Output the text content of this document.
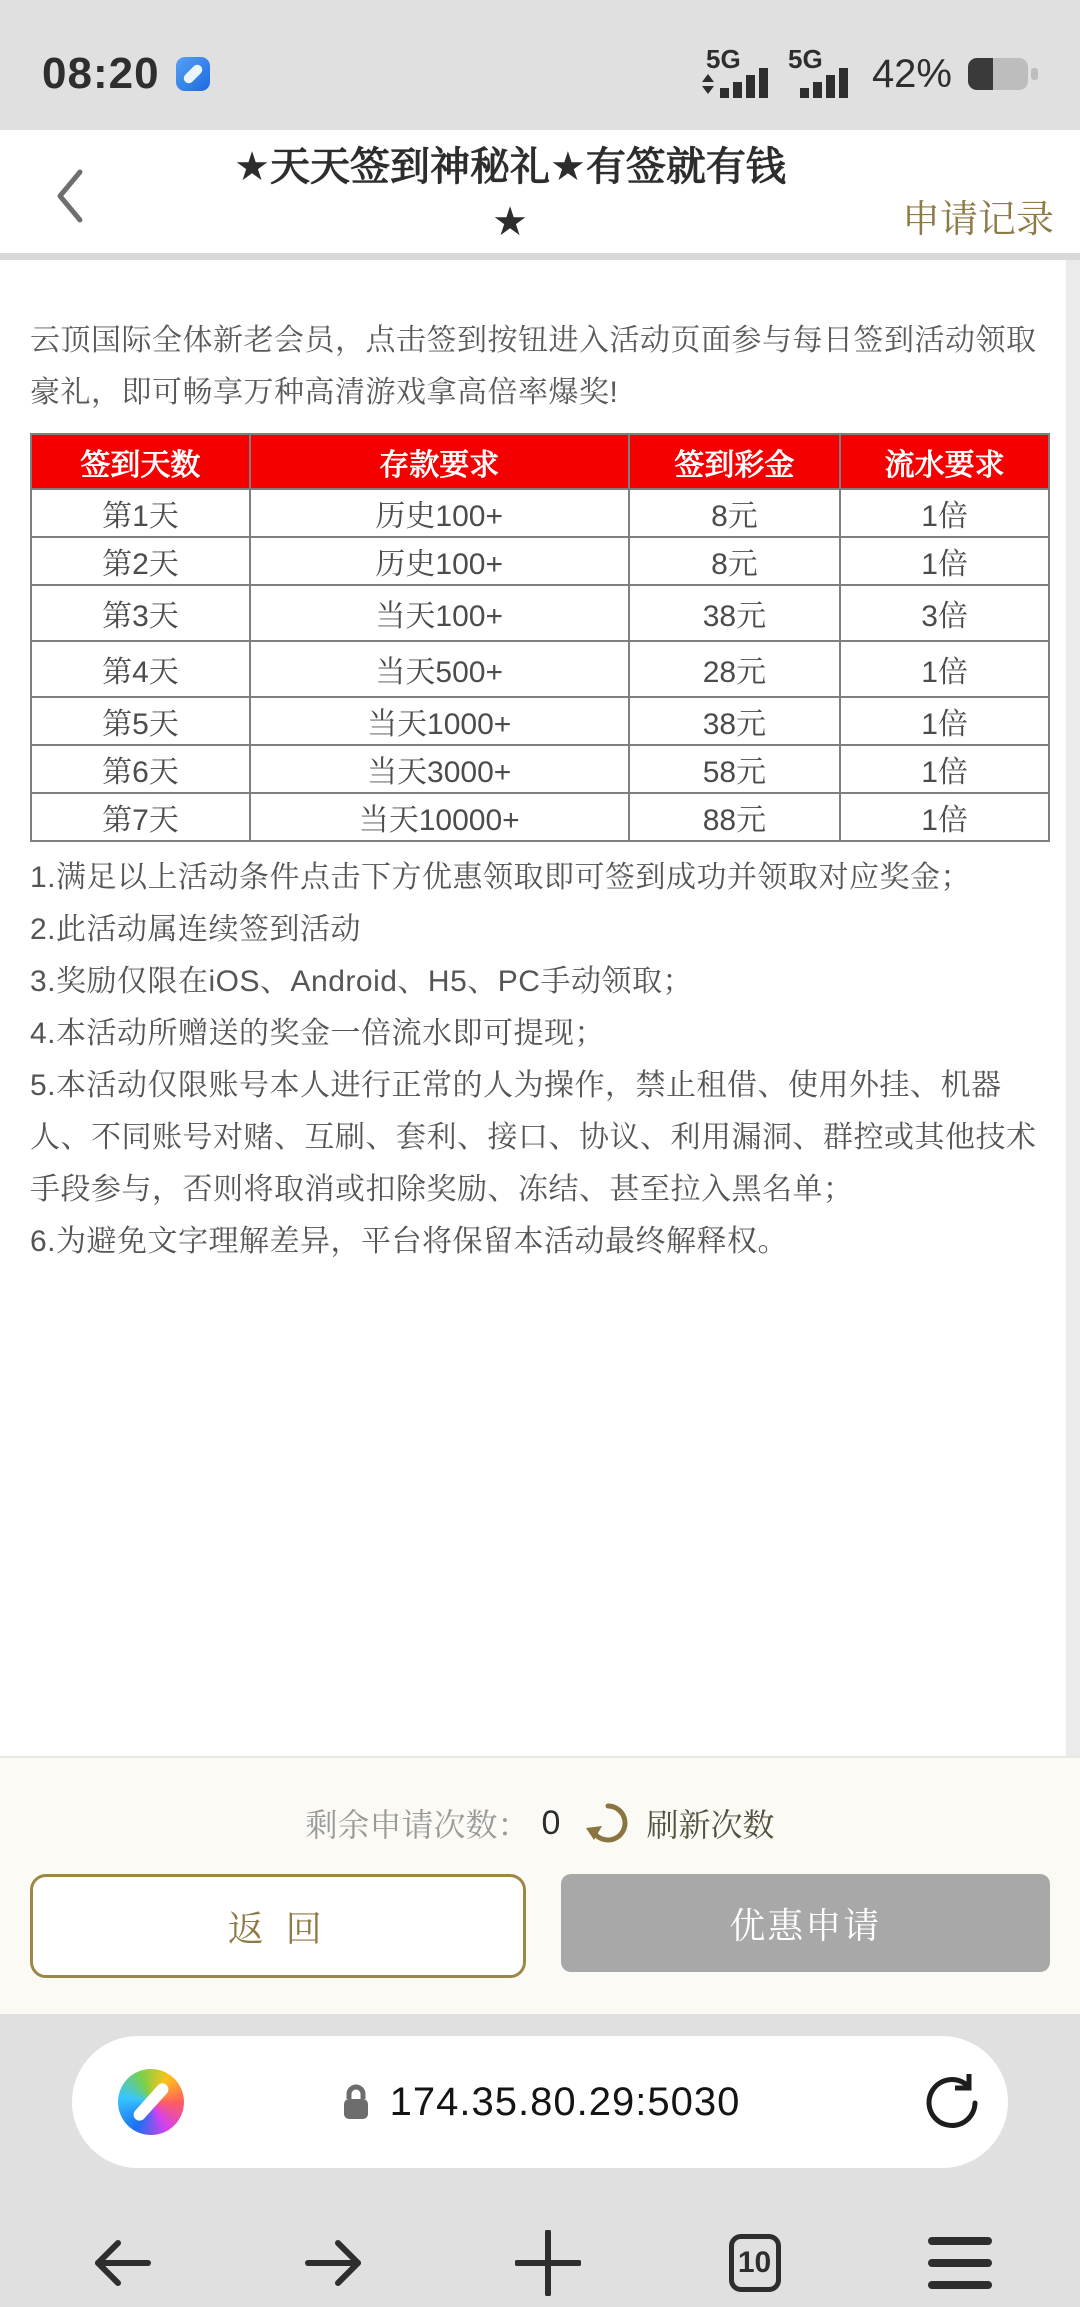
08:20	5G 5G 42%
★天天签到神秘礼★有签就有钱
★	申请记录
云顶国际全体新老会员，点击签到按钮进入活动页面参与每日签到活动领取豪礼，即可畅享万种高清游戏拿高倍率爆奖!
签到天数	存款要求	签到彩金	流水要求
第1天	历史100+	8元	1倍
第2天	历史100+	8元	1倍
第3天	当天100+	38元	3倍
第4天	当天500+	28元	1倍
第5天	当天1000+	38元	1倍
第6天	当天3000+	58元	1倍
第7天	当天10000+	88元	1倍
1.满足以上活动条件点击下方优惠领取即可签到成功并领取对应奖金；
2.此活动属连续签到活动
3.奖励仅限在iOS、Android、H5、PC手动领取；
4.本活动所赠送的奖金一倍流水即可提现；
5.本活动仅限账号本人进行正常的人为操作，禁止租借、使用外挂、机器人、不同账号对赌、互刷、套利、接口、协议、利用漏洞、群控或其他技术手段参与，否则将取消或扣除奖励、冻结、甚至拉入黑名单；
6.为避免文字理解差异，平台将保留本活动最终解释权。
剩余申请次数： 0	刷新次数
返 回	优惠申请
174.35.80.29:5030
10
